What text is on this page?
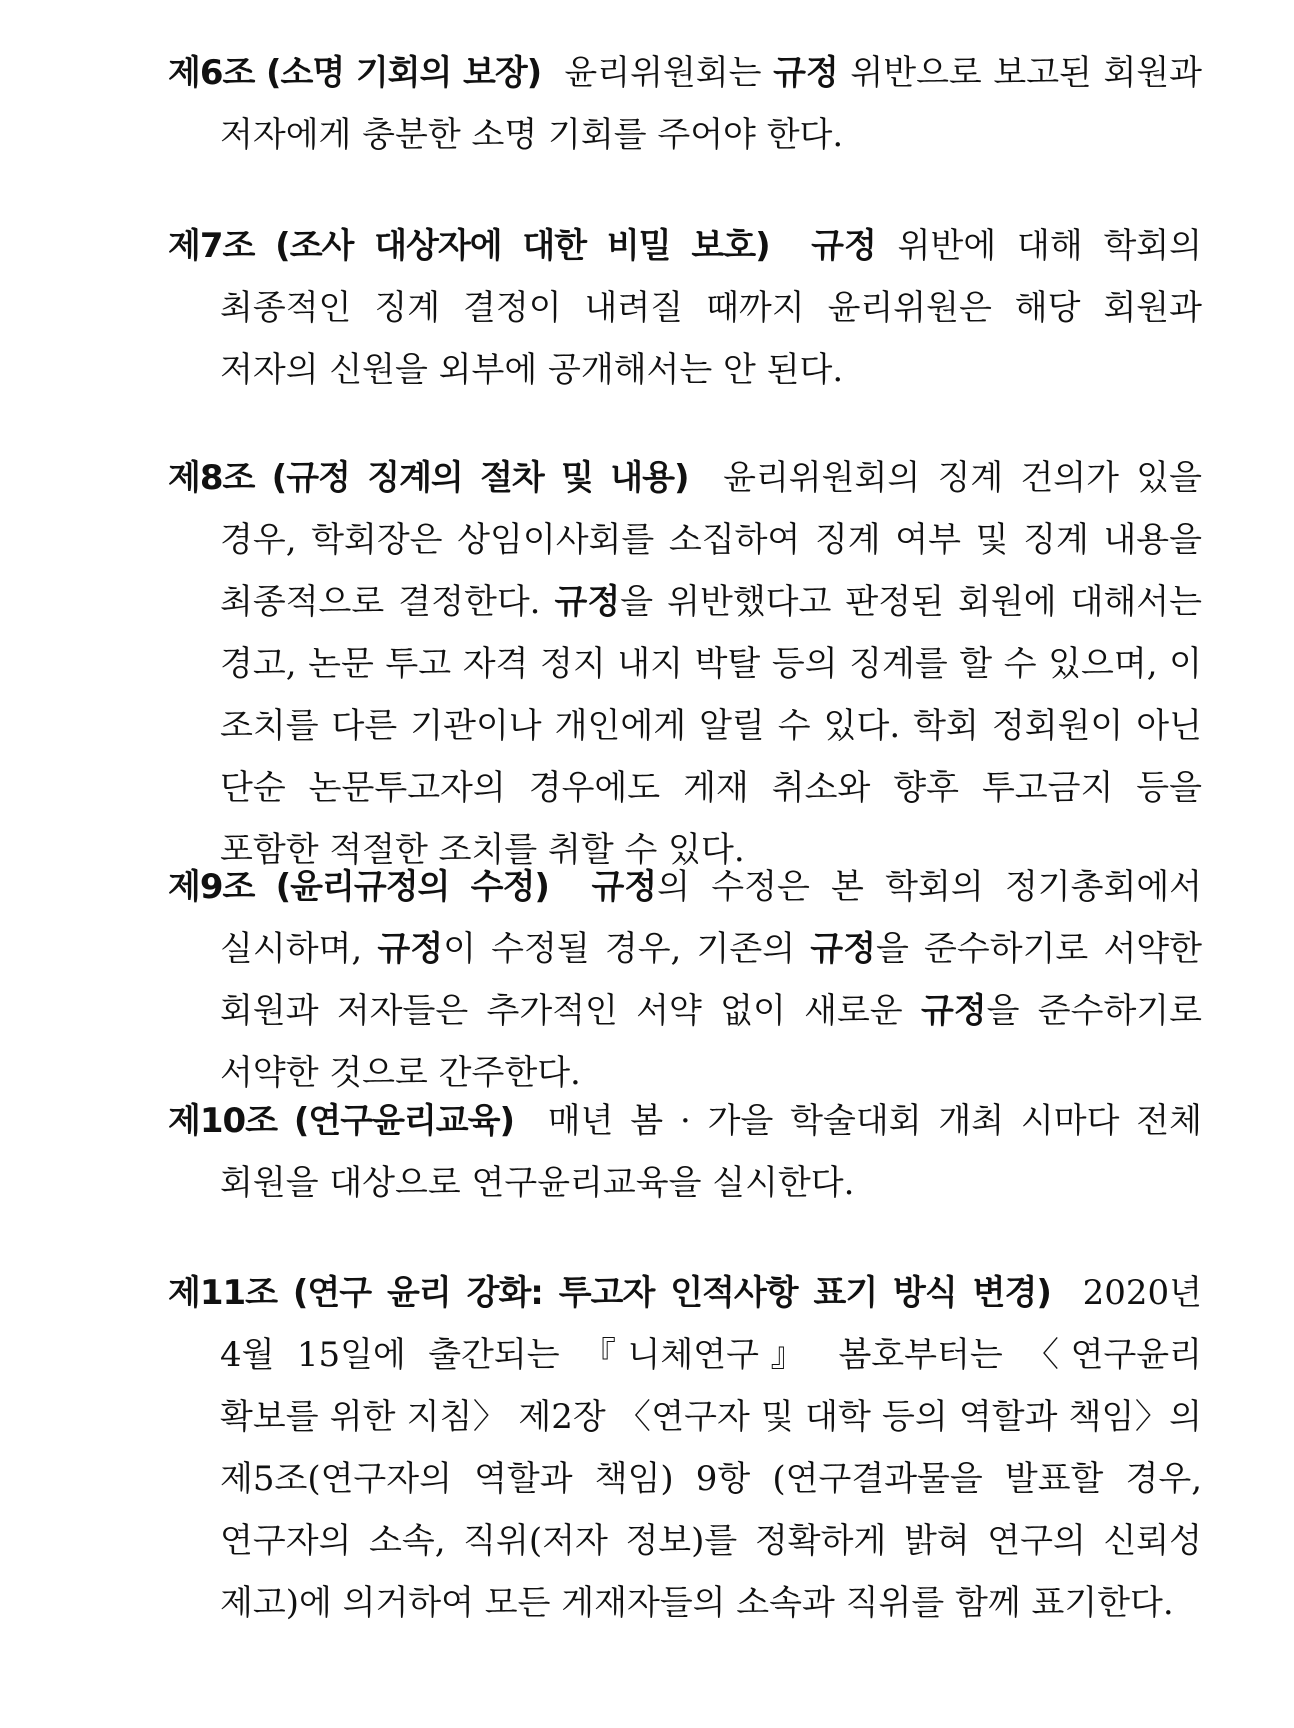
제6조 (소명 기회의 보장) 윤리위원회는 규정 위반으로 보고된 회원과 저자에게 충분한 소명 기회를 주어야 한다.

제7조 (조사 대상자에 대한 비밀 보호) 규정 위반에 대해 학회의 최종적인 징계 결정이 내려질 때까지 윤리위원은 해당 회원과 저자의 신원을 외부에 공개해서는 안 된다.

제8조 (규정 징계의 절차 및 내용) 윤리위원회의 징계 건의가 있을 경우, 학회장은 상임이사회를 소집하여 징계 여부 및 징계 내용을 최종적으로 결정한다. 규정을 위반했다고 판정된 회원에 대해서는 경고, 논문 투고 자격 정지 내지 박탈 등의 징계를 할 수 있으며, 이 조치를 다른 기관이나 개인에게 알릴 수 있다. 학회 정회원이 아닌 단순 논문투고자의 경우에도 게재 취소와 향후 투고금지 등을 포함한 적절한 조치를 취할 수 있다.

제9조 (윤리규정의 수정) 규정의 수정은 본 학회의 정기총회에서 실시하며, 규정이 수정될 경우, 기존의 규정을 준수하기로 서약한 회원과 저자들은 추가적인 서약 없이 새로운 규정을 준수하기로 서약한 것으로 간주한다.

제10조 (연구윤리교육) 매년 봄 · 가을 학술대회 개최 시마다 전체 회원을 대상으로 연구윤리교육을 실시한다.

제11조 (연구 윤리 강화: 투고자 인적사항 표기 방식 변경) 2020년 4월 15일에 출간되는 『니체연구』 봄호부터는 〈연구윤리 확보를 위한 지침〉 제2장 〈연구자 및 대학 등의 역할과 책임〉의 제5조(연구자의 역할과 책임) 9항 (연구결과물을 발표할 경우, 연구자의 소속, 직위(저자 정보)를 정확하게 밝혀 연구의 신뢰성 제고)에 의거하여 모든 게재자들의 소속과 직위를 함께 표기한다.
